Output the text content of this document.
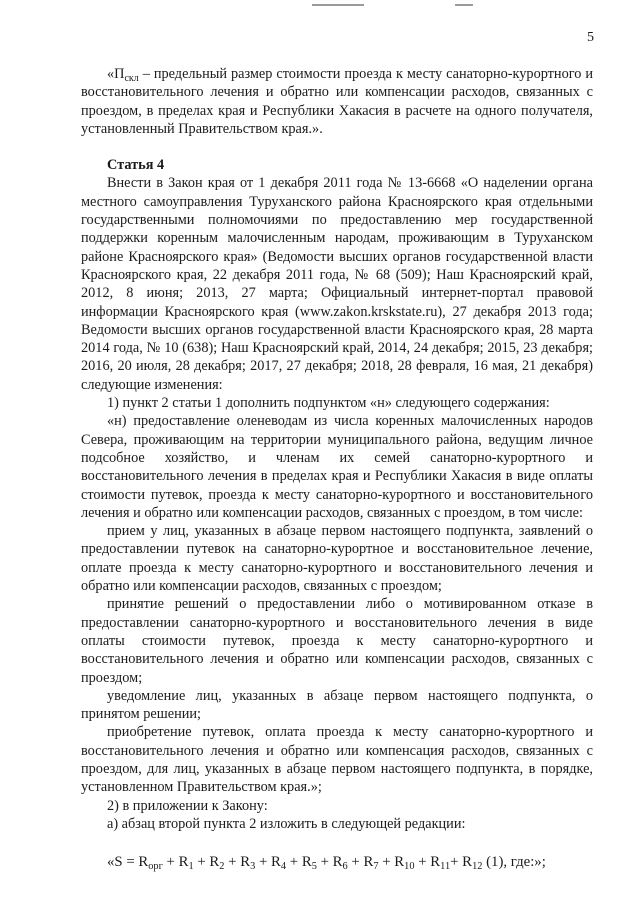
5

«$П_{скл}$ – предельный размер стоимости проезда к месту санаторно-курортного и восстановительного лечения и обратно или компенсации расходов, связанных с проездом, в пределах края и Республики Хакасия в расчете на одного получателя, установленный Правительством края.».

Статья 4

Внести в Закон края от 1 декабря 2011 года № 13-6668 «О наделении органа местного самоуправления Туруханского района Красноярского края отдельными государственными полномочиями по предоставлению мер государственной поддержки коренным малочисленным народам, проживающим в Туруханском районе Красноярского края» (Ведомости высших органов государственной власти Красноярского края, 22 декабря 2011 года, № 68 (509); Наш Красноярский край, 2012, 8 июня; 2013, 27 марта; Официальный интернет-портал правовой информации Красноярского края (www.zakon.krskstate.ru), 27 декабря 2013 года; Ведомости высших органов государственной власти Красноярского края, 28 марта 2014 года, № 10 (638); Наш Красноярский край, 2014, 24 декабря; 2015, 23 декабря; 2016, 20 июля, 28 декабря; 2017, 27 декабря; 2018, 28 февраля, 16 мая, 21 декабря) следующие изменения:

1) пункт 2 статьи 1 дополнить подпунктом «н» следующего содержания:

«н) предоставление оленеводам из числа коренных малочисленных народов Севера, проживающим на территории муниципального района, ведущим личное подсобное хозяйство, и членам их семей санаторно-курортного и восстановительного лечения в пределах края и Республики Хакасия в виде оплаты стоимости путевок, проезда к месту санаторно-курортного и восстановительного лечения и обратно или компенсации расходов, связанных с проездом, в том числе:

прием у лиц, указанных в абзаце первом настоящего подпункта, заявлений о предоставлении путевок на санаторно-курортное и восстановительное лечение, оплате проезда к месту санаторно-курортного и восстановительного лечения и обратно или компенсации расходов, связанных с проездом;

принятие решений о предоставлении либо о мотивированном отказе в предоставлении санаторно-курортного и восстановительного лечения в виде оплаты стоимости путевок, проезда к месту санаторно-курортного и восстановительного лечения и обратно или компенсации расходов, связанных с проездом;

уведомление лиц, указанных в абзаце первом настоящего подпункта, о принятом решении;

приобретение путевок, оплата проезда к месту санаторно-курортного и восстановительного лечения и обратно или компенсация расходов, связанных с проездом, для лиц, указанных в абзаце первом настоящего подпункта, в порядке, установленном Правительством края.»;

2) в приложении к Закону:

а) абзац второй пункта 2 изложить в следующей редакции:

«$S = R_{орг} + R_1 + R_2 + R_3 + R_4 + R_5 + R_6 + R_7 + R_{10} + R_{11}+ R_{12}$ (1), где:»;
